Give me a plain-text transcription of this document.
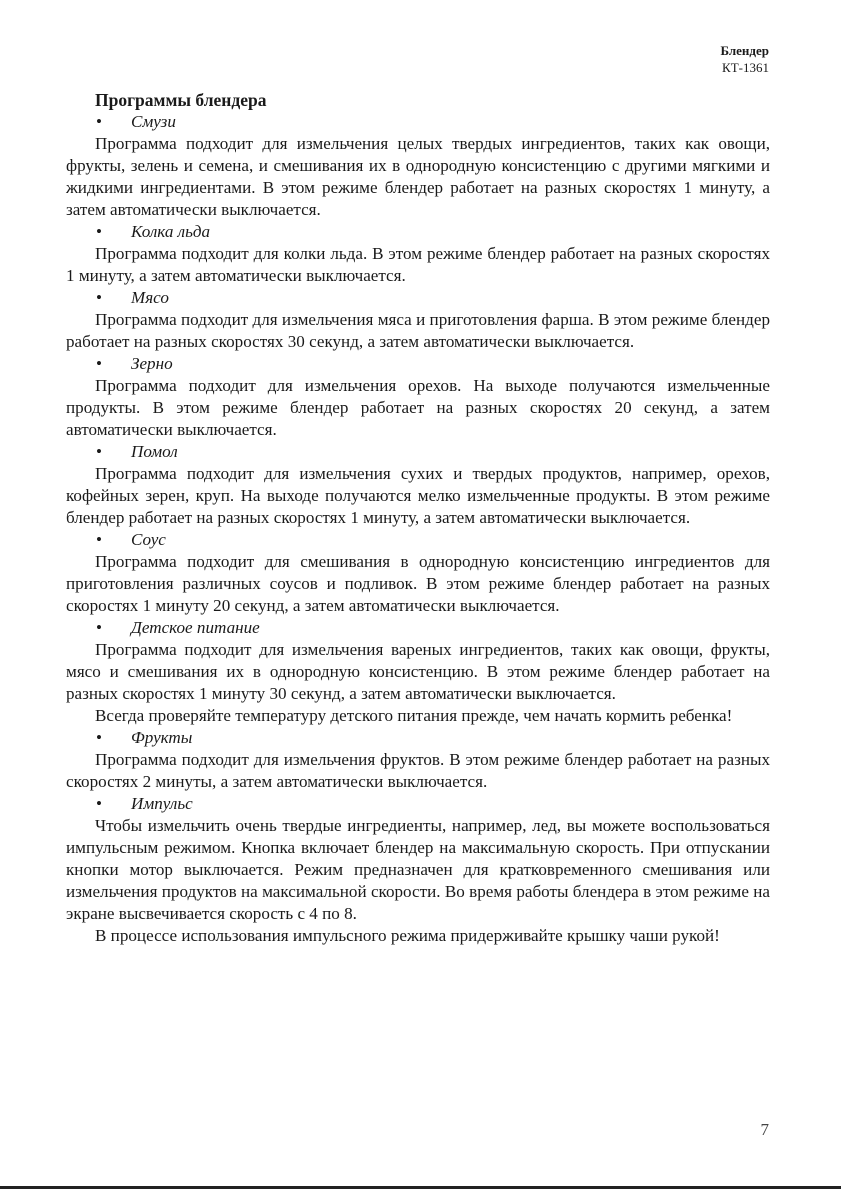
Блендер
КТ-1361
Программы блендера
• Смузи

Программа подходит для измельчения целых твердых ингредиентов, таких как овощи, фрукты, зелень и семена, и смешивания их в однородную консистенцию с другими мягкими и жидкими ингредиентами. В этом режиме блендер работает на разных скоростях 1 минуту, а затем автоматически выключается.

• Колка льда

Программа подходит для колки льда. В этом режиме блендер работает на разных скоростях 1 минуту, а затем автоматически выключается.

• Мясо

Программа подходит для измельчения мяса и приготовления фарша. В этом режиме блендер работает на разных скоростях 30 секунд, а затем автоматически выключается.

• Зерно

Программа подходит для измельчения орехов. На выходе получаются измельченные продукты. В этом режиме блендер работает на разных скоростях 20 секунд, а затем автоматически выключается.

• Помол

Программа подходит для измельчения сухих и твердых продуктов, например, орехов, кофейных зерен, круп. На выходе получаются мелко измельченные продукты. В этом режиме блендер работает на разных скоростях 1 минуту, а затем автоматически выключается.

• Соус

Программа подходит для смешивания в однородную консистенцию ингредиентов для приготовления различных соусов и подливок. В этом режиме блендер работает на разных скоростях 1 минуту 20 секунд, а затем автоматически выключается.

• Детское питание

Программа подходит для измельчения вареных ингредиентов, таких как овощи, фрукты, мясо и смешивания их в однородную консистенцию. В этом режиме блендер работает на разных скоростях 1 минуту 30 секунд, а затем автоматически выключается.

Всегда проверяйте температуру детского питания прежде, чем начать кормить ребенка!

• Фрукты

Программа подходит для измельчения фруктов. В этом режиме блендер работает на разных скоростях 2 минуты, а затем автоматически выключается.

• Импульс

Чтобы измельчить очень твердые ингредиенты, например, лед, вы можете воспользоваться импульсным режимом. Кнопка включает блендер на максимальную скорость. При отпускании кнопки мотор выключается. Режим предназначен для кратковременного смешивания или измельчения продуктов на максимальной скорости. Во время работы блендера в этом режиме на экране высвечивается скорость с 4 по 8.

В процессе использования импульсного режима придерживайте крышку чаши рукой!

7
